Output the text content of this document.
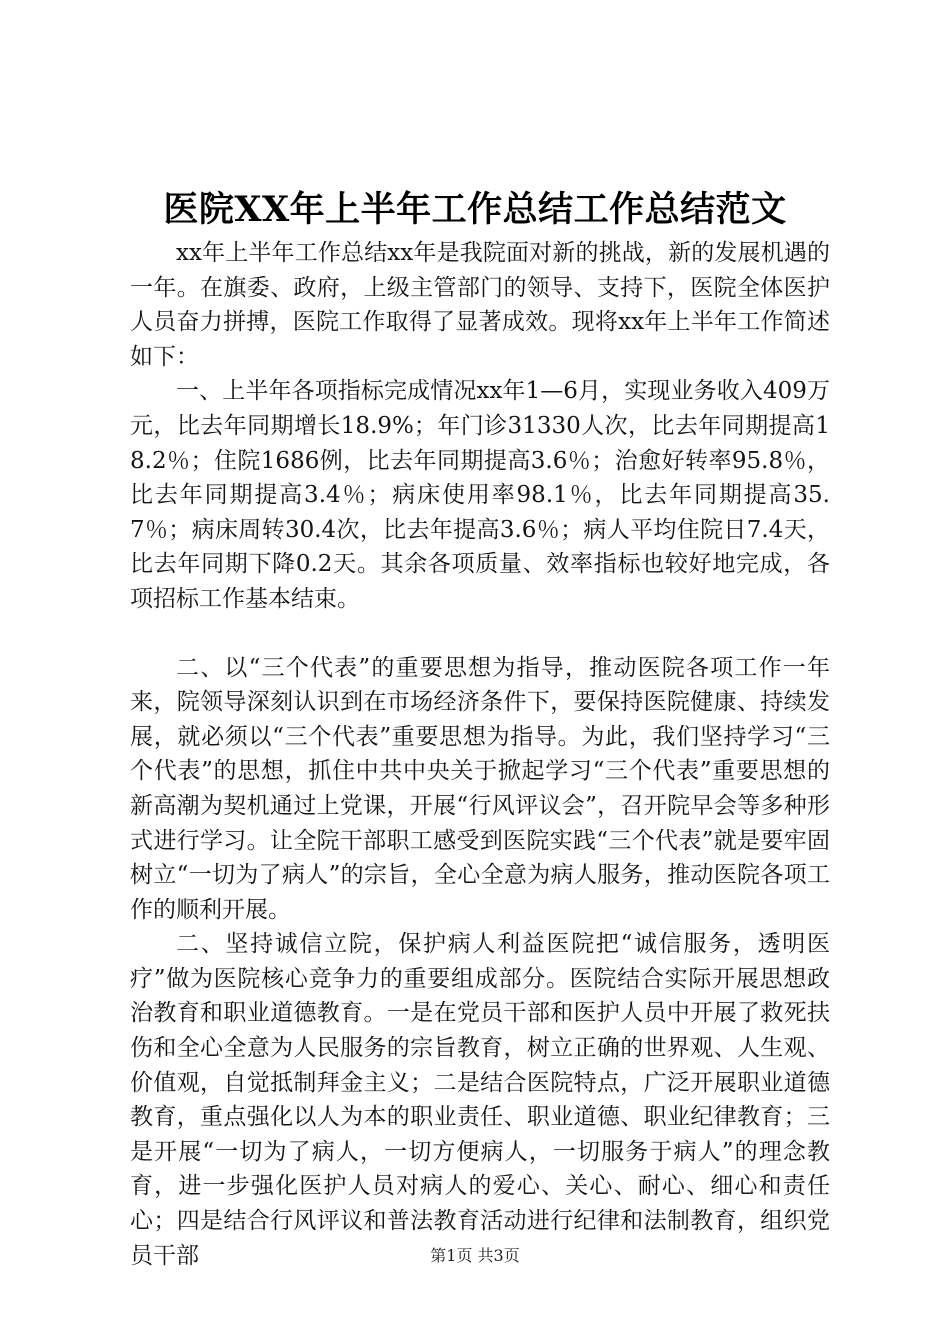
医院XX年上半年工作总结工作总结范文

xx年上半年工作总结xx年是我院面对新的挑战，新的发展机遇的一年。在旗委、政府，上级主管部门的领导、支持下，医院全体医护人员奋力拼搏，医院工作取得了显著成效。现将xx年上半年工作简述如下：

一、上半年各项指标完成情况xx年1—6月，实现业务收入409万元，比去年同期增长18.9%；年门诊31330人次，比去年同期提高18.2％；住院1686例，比去年同期提高3.6％；治愈好转率95.8％，比去年同期提高3.4％；病床使用率98.1％，比去年同期提高35.7％；病床周转30.4次，比去年提高3.6％；病人平均住院日7.4天，比去年同期下降0.2天。其余各项质量、效率指标也较好地完成，各项招标工作基本结束。

二、以“三个代表”的重要思想为指导，推动医院各项工作一年来，院领导深刻认识到在市场经济条件下，要保持医院健康、持续发展，就必须以“三个代表”重要思想为指导。为此，我们坚持学习“三个代表”的思想，抓住中共中央关于掀起学习“三个代表”重要思想的新高潮为契机通过上党课，开展“行风评议会”，召开院早会等多种形式进行学习。让全院干部职工感受到医院实践“三个代表”就是要牢固树立“一切为了病人”的宗旨，全心全意为病人服务，推动医院各项工作的顺利开展。

二、坚持诚信立院，保护病人利益医院把“诚信服务，透明医疗”做为医院核心竞争力的重要组成部分。医院结合实际开展思想政治教育和职业道德教育。一是在党员干部和医护人员中开展了救死扶伤和全心全意为人民服务的宗旨教育，树立正确的世界观、人生观、价值观，自觉抵制拜金主义；二是结合医院特点，广泛开展职业道德教育，重点强化以人为本的职业责任、职业道德、职业纪律教育；三是开展“一切为了病人，一切方便病人，一切服务于病人”的理念教育，进一步强化医护人员对病人的爱心、关心、耐心、细心和责任心；四是结合行风评议和普法教育活动进行纪律和法制教育，组织党员干部	第1页 共3页
